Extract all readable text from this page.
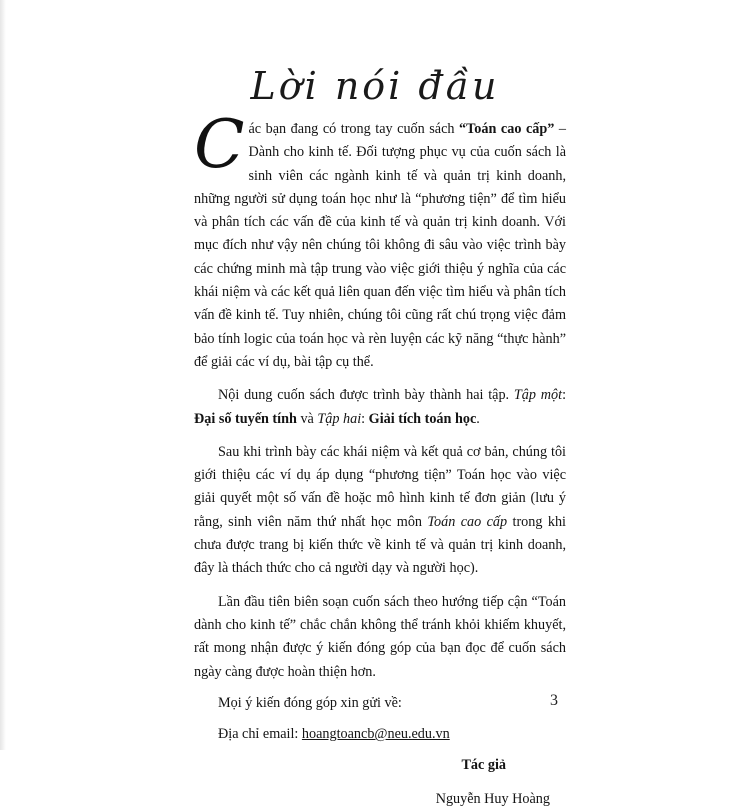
Lời nói đầu

Các bạn đang có trong tay cuốn sách “Toán cao cấp” – Dành cho kinh tế. Đối tượng phục vụ của cuốn sách là sinh viên các ngành kinh tế và quản trị kinh doanh, những người sử dụng toán học như là “phương tiện” để tìm hiểu và phân tích các vấn đề của kinh tế và quản trị kinh doanh. Với mục đích như vậy nên chúng tôi không đi sâu vào việc trình bày các chứng minh mà tập trung vào việc giới thiệu ý nghĩa của các khái niệm và các kết quả liên quan đến việc tìm hiểu và phân tích vấn đề kinh tế. Tuy nhiên, chúng tôi cũng rất chú trọng việc đảm bảo tính logic của toán học và rèn luyện các kỹ năng “thực hành” để giải các ví dụ, bài tập cụ thể.

Nội dung cuốn sách được trình bày thành hai tập. Tập một: Đại số tuyến tính và Tập hai: Giải tích toán học.

Sau khi trình bày các khái niệm và kết quả cơ bản, chúng tôi giới thiệu các ví dụ áp dụng “phương tiện” Toán học vào việc giải quyết một số vấn đề hoặc mô hình kinh tế đơn giản (lưu ý rằng, sinh viên năm thứ nhất học môn Toán cao cấp trong khi chưa được trang bị kiến thức về kinh tế và quản trị kinh doanh, đây là thách thức cho cả người dạy và người học).

Lần đầu tiên biên soạn cuốn sách theo hướng tiếp cận “Toán dành cho kinh tế” chắc chắn không thể tránh khỏi khiếm khuyết, rất mong nhận được ý kiến đóng góp của bạn đọc để cuốn sách ngày càng được hoàn thiện hơn.

Mọi ý kiến đóng góp xin gửi về:

Địa chỉ email: hoangtoancb@neu.edu.vn

Tác giả

Nguyễn Huy Hoàng

3
